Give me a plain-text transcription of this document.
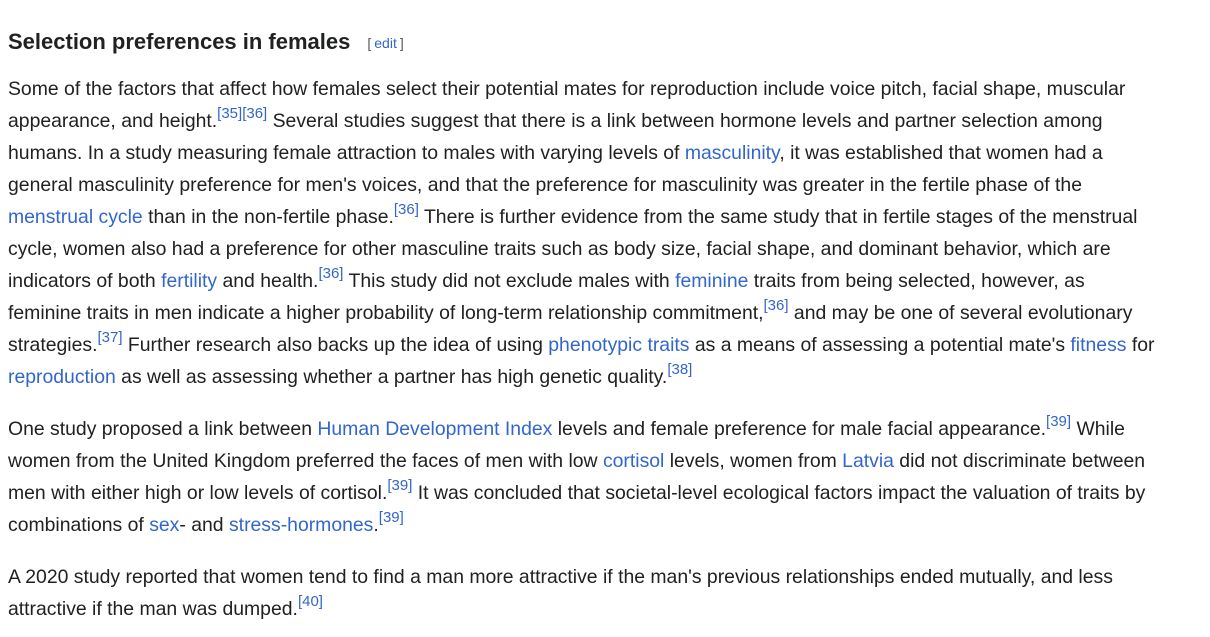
Selection preferences in females [ edit ]

Some of the factors that affect how females select their potential mates for reproduction include voice pitch, facial shape, muscular
appearance, and height.[35][36] Several studies suggest that there is a link between hormone levels and partner selection among
humans. In a study measuring female attraction to males with varying levels of masculinity, it was established that women had a
general masculinity preference for men's voices, and that the preference for masculinity was greater in the fertile phase of the
menstrual cycle than in the non-fertile phase.[36] There is further evidence from the same study that in fertile stages of the menstrual
cycle, women also had a preference for other masculine traits such as body size, facial shape, and dominant behavior, which are
indicators of both fertility and health.[36] This study did not exclude males with feminine traits from being selected, however, as
feminine traits in men indicate a higher probability of long-term relationship commitment,[36] and may be one of several evolutionary
strategies.[37] Further research also backs up the idea of using phenotypic traits as a means of assessing a potential mate's fitness for
reproduction as well as assessing whether a partner has high genetic quality.[38]

One study proposed a link between Human Development Index levels and female preference for male facial appearance.[39] While
women from the United Kingdom preferred the faces of men with low cortisol levels, women from Latvia did not discriminate between
men with either high or low levels of cortisol.[39] It was concluded that societal-level ecological factors impact the valuation of traits by
combinations of sex- and stress-hormones.[39]

A 2020 study reported that women tend to find a man more attractive if the man's previous relationships ended mutually, and less
attractive if the man was dumped.[40]
